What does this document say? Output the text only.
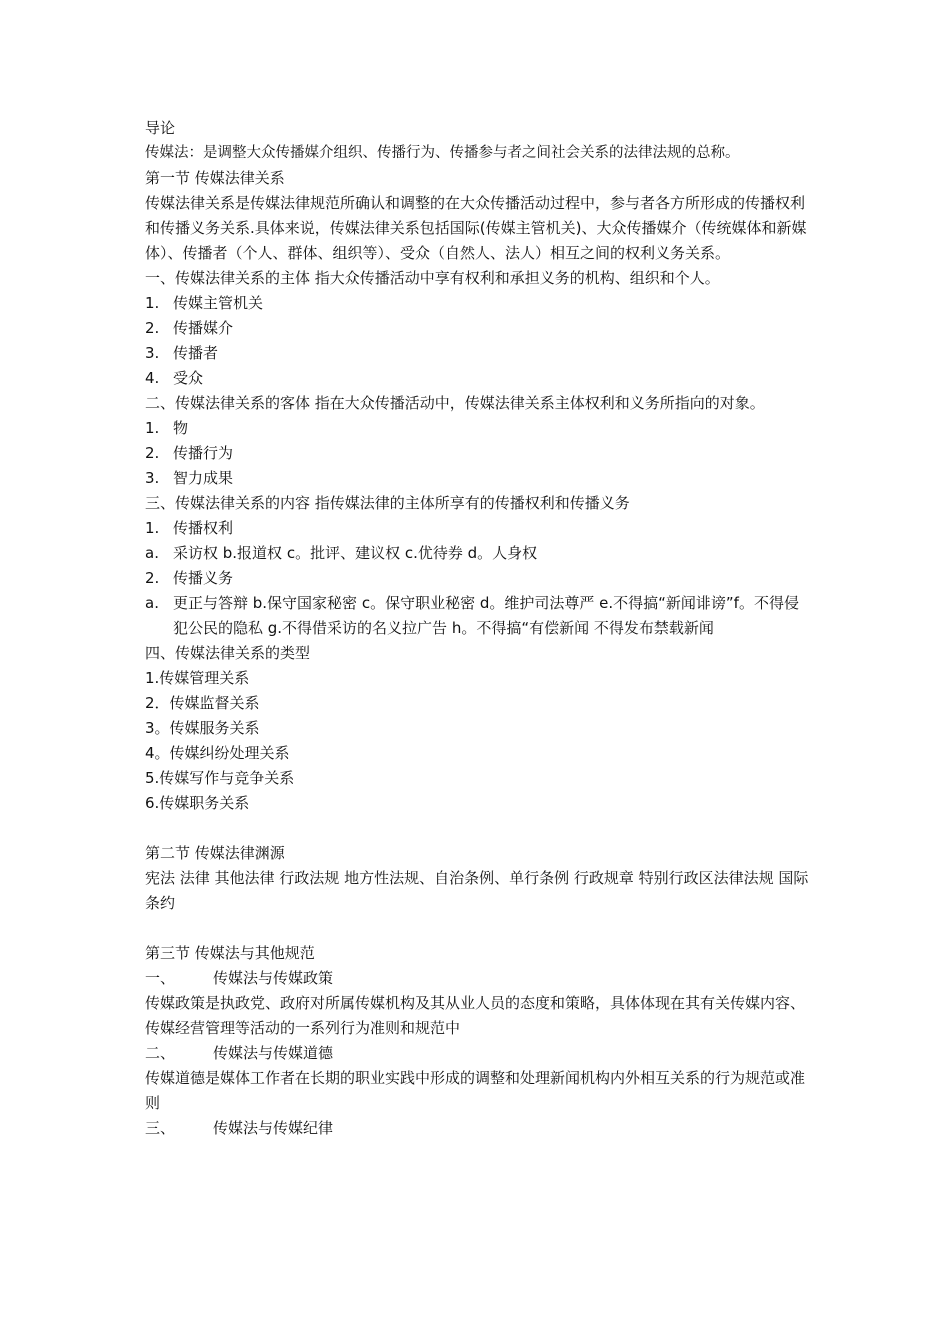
导论

传媒法：是调整大众传播媒介组织、传播行为、传播参与者之间社会关系的法律法规的总称。

第一节 传媒法律关系

传媒法律关系是传媒法律规范所确认和调整的在大众传播活动过程中，参与者各方所形成的传播权利和传播义务关系.具体来说，传媒法律关系包括国际(传媒主管机关)、大众传播媒介（传统媒体和新媒体）、传播者（个人、群体、组织等）、受众（自然人、法人）相互之间的权利义务关系。

一、传媒法律关系的主体 指大众传播活动中享有权利和承担义务的机构、组织和个人。

1. 传媒主管机关
2. 传播媒介
3. 传播者
4. 受众

二、传媒法律关系的客体 指在大众传播活动中，传媒法律关系主体权利和义务所指向的对象。

1. 物
2. 传播行为
3. 智力成果

三、传媒法律关系的内容 指传媒法律的主体所享有的传播权利和传播义务

1. 传播权利
a. 采访权 b.报道权 c。批评、建议权 c.优待券 d。人身权
2. 传播义务
a. 更正与答辩 b.保守国家秘密 c。保守职业秘密 d。维护司法尊严 e.不得搞“新闻诽谤”f。不得侵犯公民的隐私 g.不得借采访的名义拉广告 h。不得搞“有偿新闻 不得发布禁载新闻

四、传媒法律关系的类型

1.传媒管理关系

2．传媒监督关系

3。传媒服务关系

4。传媒纠纷处理关系

5.传媒写作与竞争关系

6.传媒职务关系

第二节 传媒法律渊源

宪法 法律 其他法律 行政法规 地方性法规、自治条例、单行条例 行政规章 特别行政区法律法规 国际条约

第三节 传媒法与其他规范

一、	传媒法与传媒政策

传媒政策是执政党、政府对所属传媒机构及其从业人员的态度和策略，具体体现在其有关传媒内容、传媒经营管理等活动的一系列行为准则和规范中

二、	传媒法与传媒道德

传媒道德是媒体工作者在长期的职业实践中形成的调整和处理新闻机构内外相互关系的行为规范或准则

三、	传媒法与传媒纪律
